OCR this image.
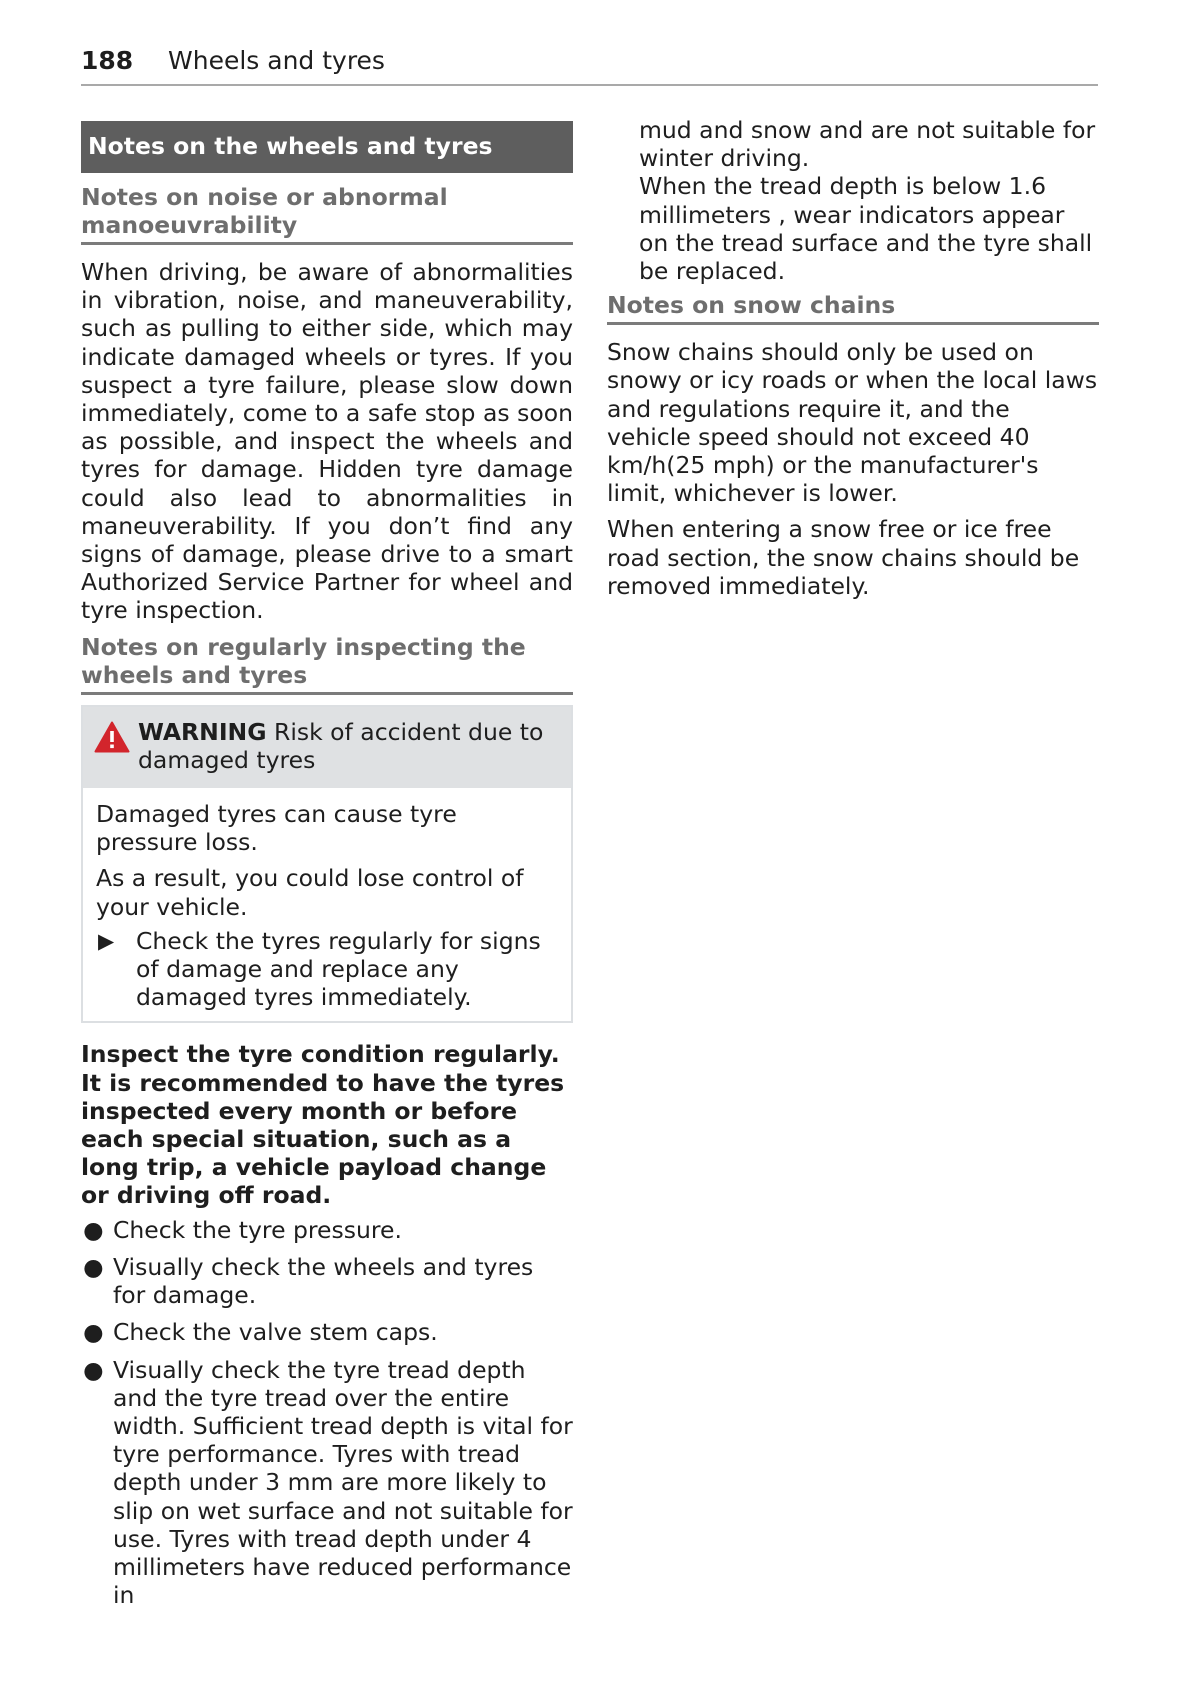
188 Wheels and tyres
Notes on the wheels and tyres
Notes on noise or abnormal manoeuvrability

When driving, be aware of abnormalities in vibration, noise, and maneuverability, such as pulling to either side, which may indicate damaged wheels or tyres. If you suspect a tyre failure, please slow down immediately, come to a safe stop as soon as possible, and inspect the wheels and tyres for damage. Hidden tyre damage could also lead to abnormalities in maneuverability. If you don’t find any signs of damage, please drive to a smart Authorized Service Partner for wheel and tyre inspection.

Notes on regularly inspecting the wheels and tyres
WARNING Risk of accident due to damaged tyres

Damaged tyres can cause tyre pressure loss.

As a result, you could lose control of your vehicle.

▶ Check the tyres regularly for signs of damage and replace any damaged tyres immediately.

Inspect the tyre condition regularly. It is recommended to have the tyres inspected every month or before each special situation, such as a long trip, a vehicle payload change or driving off road.

● Check the tyre pressure.
● Visually check the wheels and tyres for damage.
● Check the valve stem caps.
● Visually check the tyre tread depth and the tyre tread over the entire width. Sufficient tread depth is vital for tyre performance. Tyres with tread depth under 3 mm are more likely to slip on wet surface and not suitable for use. Tyres with tread depth under 4 millimeters have reduced performance in

mud and snow and are not suitable for winter driving.

When the tread depth is below 1.6 millimeters , wear indicators appear on the tread surface and the tyre shall be replaced.

Notes on snow chains

Snow chains should only be used on snowy or icy roads or when the local laws and regulations require it, and the vehicle speed should not exceed 40 km/h(25 mph) or the manufacturer's limit, whichever is lower.

When entering a snow free or ice free road section, the snow chains should be removed immediately.
